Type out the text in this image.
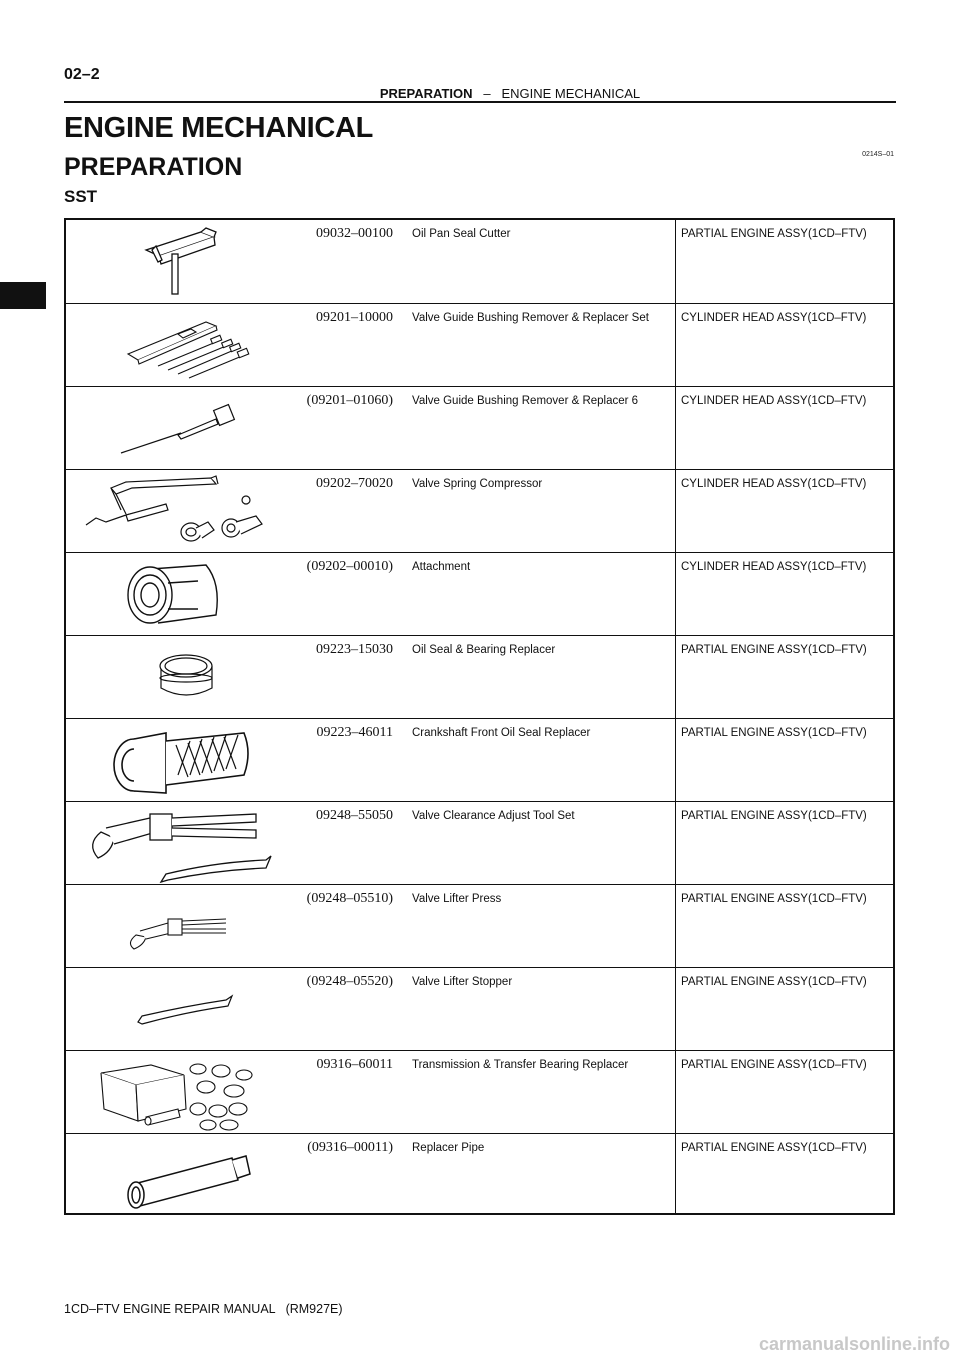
02–2
PREPARATION – ENGINE MECHANICAL
ENGINE MECHANICAL
PREPARATION	0214S–01
SST
09032–00100 Oil Pan Seal Cutter	PARTIAL ENGINE ASSY(1CD–FTV)
09201–10000 Valve Guide Bushing Remover & Replacer Set	CYLINDER HEAD ASSY(1CD–FTV)
(09201–01060) Valve Guide Bushing Remover & Replacer 6	CYLINDER HEAD ASSY(1CD–FTV)
09202–70020 Valve Spring Compressor	CYLINDER HEAD ASSY(1CD–FTV)
(09202–00010) Attachment	CYLINDER HEAD ASSY(1CD–FTV)
09223–15030 Oil Seal & Bearing Replacer	PARTIAL ENGINE ASSY(1CD–FTV)
09223–46011 Crankshaft Front Oil Seal Replacer	PARTIAL ENGINE ASSY(1CD–FTV)
09248–55050 Valve Clearance Adjust Tool Set	PARTIAL ENGINE ASSY(1CD–FTV)
(09248–05510) Valve Lifter Press	PARTIAL ENGINE ASSY(1CD–FTV)
(09248–05520) Valve Lifter Stopper	PARTIAL ENGINE ASSY(1CD–FTV)
09316–60011 Transmission & Transfer Bearing Replacer	PARTIAL ENGINE ASSY(1CD–FTV)
(09316–00011) Replacer Pipe	PARTIAL ENGINE ASSY(1CD–FTV)
1CD–FTV ENGINE REPAIR MANUAL   (RM927E)
carmanualsonline.info
